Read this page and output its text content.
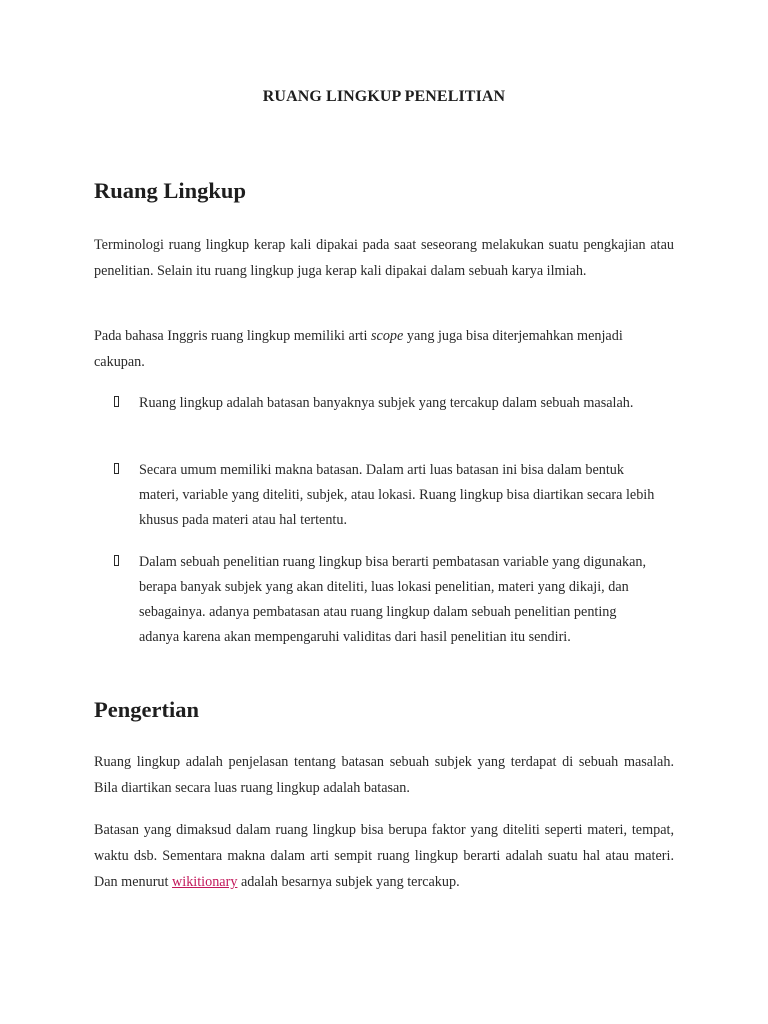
RUANG LINGKUP PENELITIAN
Ruang Lingkup

Terminologi ruang lingkup kerap kali dipakai pada saat seseorang melakukan suatu pengkajian atau penelitian. Selain itu ruang lingkup juga kerap kali dipakai dalam sebuah karya ilmiah.

Pada bahasa Inggris ruang lingkup memiliki arti scope yang juga bisa diterjemahkan menjadi cakupan.

Ruang lingkup adalah batasan banyaknya subjek yang tercakup dalam sebuah masalah.
Secara umum memiliki makna batasan. Dalam arti luas batasan ini bisa dalam bentuk materi, variable yang diteliti, subjek, atau lokasi. Ruang lingkup bisa diartikan secara lebih khusus pada materi atau hal tertentu.
Dalam sebuah penelitian ruang lingkup bisa berarti pembatasan variable yang digunakan, berapa banyak subjek yang akan diteliti, luas lokasi penelitian, materi yang dikaji, dan sebagainya. adanya pembatasan atau ruang lingkup dalam sebuah penelitian penting adanya karena akan mempengaruhi validitas dari hasil penelitian itu sendiri.
Pengertian

Ruang lingkup adalah penjelasan tentang batasan sebuah subjek yang terdapat di sebuah masalah. Bila diartikan secara luas ruang lingkup adalah batasan.

Batasan yang dimaksud dalam ruang lingkup bisa berupa faktor yang diteliti seperti materi, tempat, waktu dsb. Sementara makna dalam arti sempit ruang lingkup berarti adalah suatu hal atau materi. Dan menurut wikitionary adalah besarnya subjek yang tercakup.
